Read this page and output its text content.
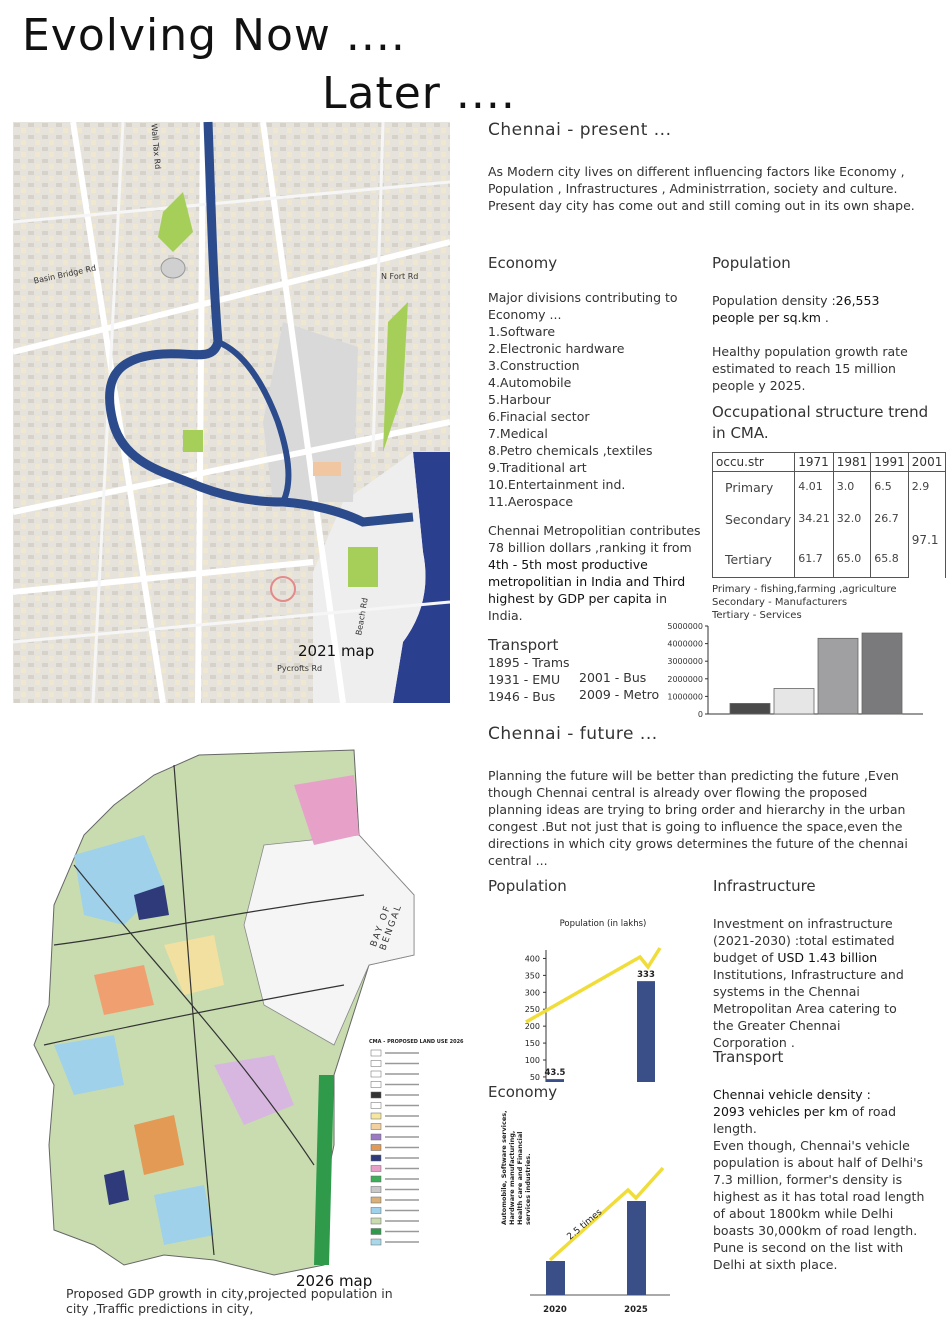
Evolving Now ....
Later ....
N Fort Rd
Basin Bridge Rd
Pycrofts Rd
Beach Rd
Wall Tax Rd
2021 map
Chennai - present ...
As Modern city lives on different influencing factors like Economy , Population , Infrastructures , Administrration, society and culture. Present day city has come out and still coming out in its own shape.
Economy
Major divisions contributing to Economy ...
1.Software
2.Electronic hardware
3.Construction
4.Automobile
5.Harbour
6.Finacial sector
7.Medical
8.Petro chemicals ,textiles
9.Traditional art
10.Entertainment ind.
11.Aerospace
Chennai Metropolitian contributes 78 billion dollars ,ranking it from 4th - 5th most productive metropolitian in India and Third highest by GDP per capita in India.
Transport
1895 - Trams
1931 - EMU
1946 - Bus
2001 - Bus
2009 - Metro
Population
Population density :26,553 people per sq.km .
Healthy population growth rate estimated to reach 15 million people y 2025.
Occupational structure trend in CMA.
occu.str	1971	1981	1991	2001
Primary	4.01	3.0	6.5	2.9
Secondary	34.21	32.0	26.7	97.1
Tertiary	61.7	65.0	65.8	
Primary - fishing,farming ,agriculture
Secondary - Manufacturers
Tertiary - Services
0
1000000
2000000
3000000
4000000
5000000
Chennai - future ...
Planning the future will be better than predicting the future ,Even though Chennai central is already over flowing the proposed planning ideas are trying to bring order and hierarchy in the urban congest .But not just that is going to influence the space,even the directions in which city grows determines the future of the chennai central ...
Population
Population (in lakhs)
50
100
150
200
250
300
350
400
43.5
333
Economy
Automobile, Software services, Hardware manufacturing, Health care and Financial services industries.
2020	2025
2.5 times
Infrastructure
Investment on infrastructure (2021-2030) :total estimated budget of USD 1.43 billion Institutions, Infrastructure and systems in the Chennai Metropolitan Area catering to the Greater Chennai Corporation .
Transport
Chennai vehicle density :
2093 vehicles per km of road length.
Even though, Chennai's vehicle population is about half of Delhi's 7.3 million, former's density is highest as it has total road length of about 1800km while Delhi boasts 30,000km of road length. Pune is second on the list with Delhi at sixth place.
CMA - PROPOSED LAND USE 2026
BAY OF BENGAL
2026 map
Proposed GDP growth in city,projected population in city ,Traffic predictions in city,
